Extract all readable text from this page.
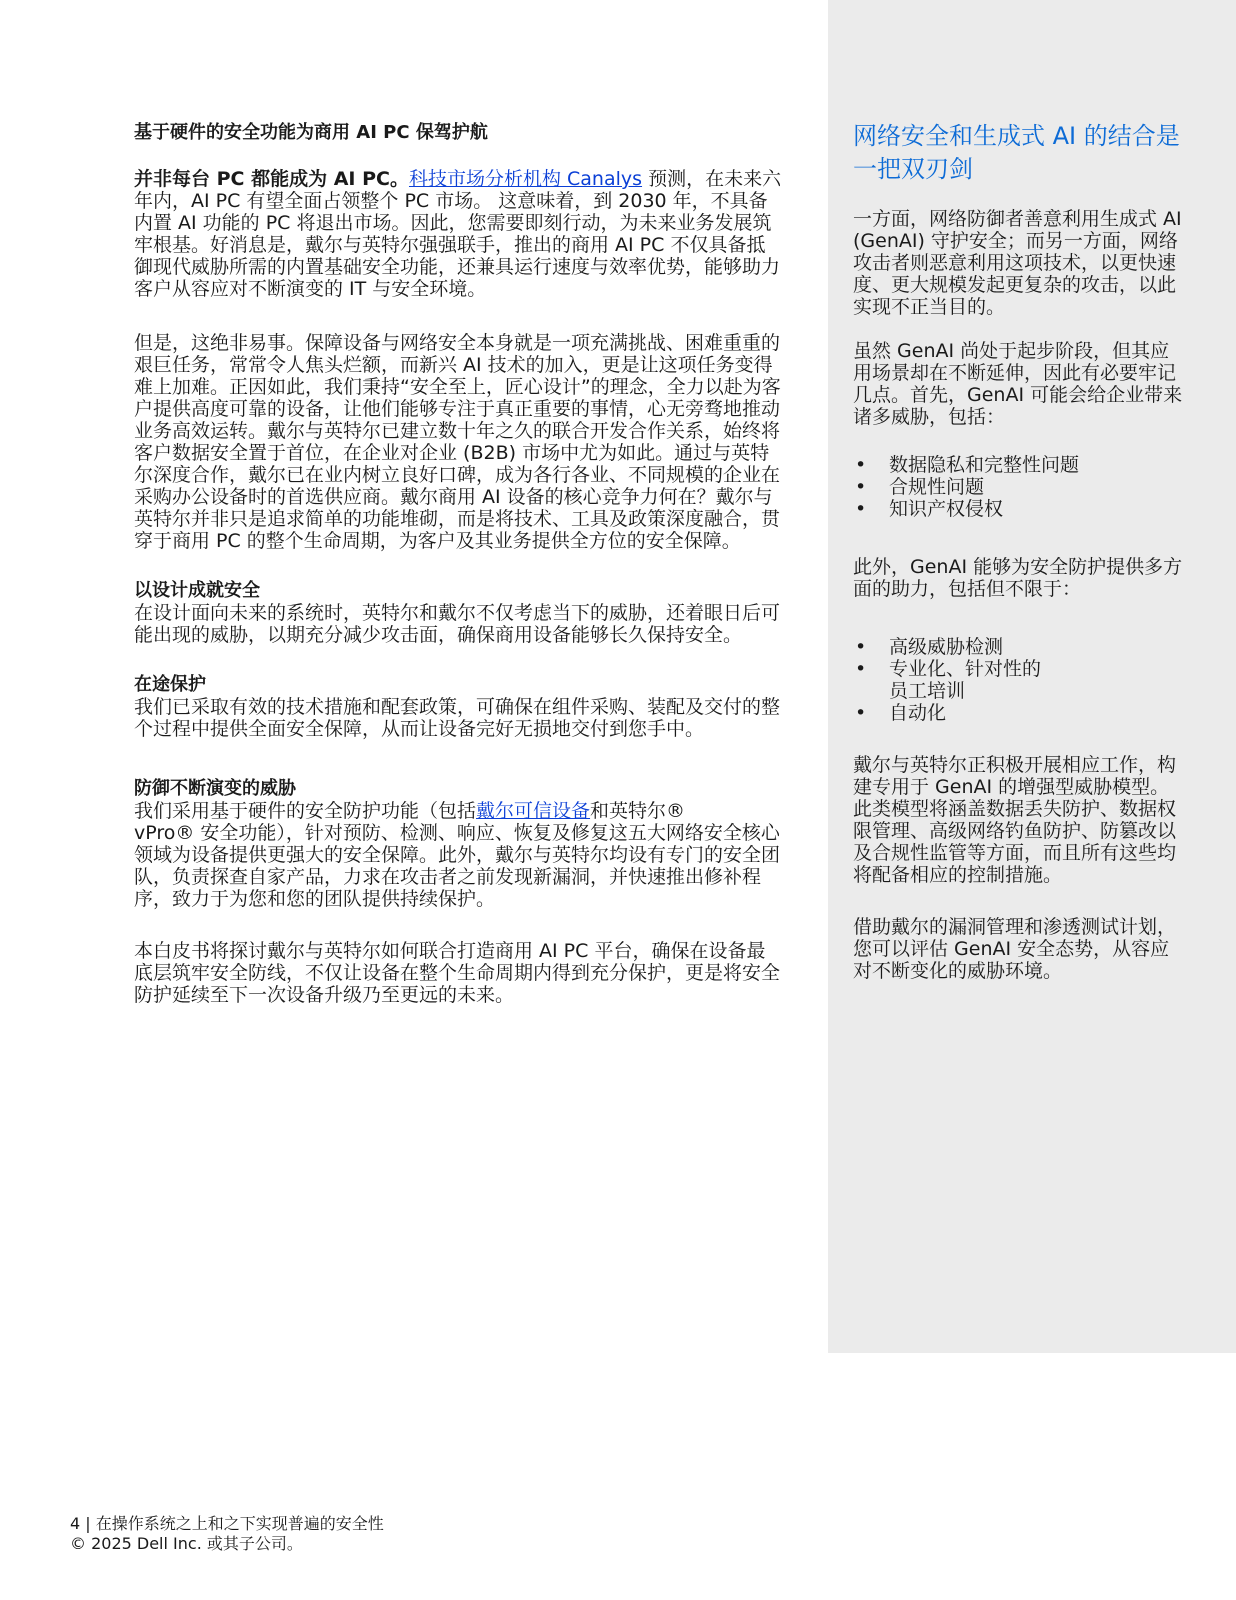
基于硬件的安全功能为商用 AI PC 保驾护航

并非每台 PC 都能成为 AI PC。科技市场分析机构 Canalys 预测，在未来六年内，AI PC 有望全面占领整个 PC 市场。 这意味着，到 2030 年，不具备内置 AI 功能的 PC 将退出市场。因此，您需要即刻行动，为未来业务发展筑牢根基。好消息是，戴尔与英特尔强强联手，推出的商用 AI PC 不仅具备抵御现代威胁所需的内置基础安全功能，还兼具运行速度与效率优势，能够助力客户从容应对不断演变的 IT 与安全环境。

但是，这绝非易事。保障设备与网络安全本身就是一项充满挑战、困难重重的艰巨任务，常常令人焦头烂额，而新兴 AI 技术的加入，更是让这项任务变得难上加难。正因如此，我们秉持“安全至上，匠心设计”的理念，全力以赴为客户提供高度可靠的设备，让他们能够专注于真正重要的事情，心无旁骛地推动业务高效运转。戴尔与英特尔已建立数十年之久的联合开发合作关系，始终将客户数据安全置于首位，在企业对企业 (B2B) 市场中尤为如此。通过与英特尔深度合作，戴尔已在业内树立良好口碑，成为各行各业、不同规模的企业在采购办公设备时的首选供应商。戴尔商用 AI 设备的核心竞争力何在？戴尔与英特尔并非只是追求简单的功能堆砌，而是将技术、工具及政策深度融合，贯穿于商用 PC 的整个生命周期，为客户及其业务提供全方位的安全保障。

以设计成就安全

在设计面向未来的系统时，英特尔和戴尔不仅考虑当下的威胁，还着眼日后可能出现的威胁，以期充分减少攻击面，确保商用设备能够长久保持安全。

在途保护

我们已采取有效的技术措施和配套政策，可确保在组件采购、装配及交付的整个过程中提供全面安全保障，从而让设备完好无损地交付到您手中。

防御不断演变的威胁

我们采用基于硬件的安全防护功能（包括戴尔可信设备和英特尔®
vPro® 安全功能），针对预防、检测、响应、恢复及修复这五大网络安全核心领域为设备提供更强大的安全保障。此外，戴尔与英特尔均设有专门的安全团队，负责探查自家产品，力求在攻击者之前发现新漏洞，并快速推出修补程序，致力于为您和您的团队提供持续保护。

本白皮书将探讨戴尔与英特尔如何联合打造商用 AI PC 平台，确保在设备最底层筑牢安全防线，不仅让设备在整个生命周期内得到充分保护，更是将安全防护延续至下一次设备升级乃至更远的未来。

网络安全和生成式 AI 的结合是一把双刃剑

一方面，网络防御者善意利用生成式 AI (GenAI) 守护安全；而另一方面，网络攻击者则恶意利用这项技术，以更快速度、更大规模发起更复杂的攻击，以此实现不正当目的。

虽然 GenAI 尚处于起步阶段，但其应用场景却在不断延伸，因此有必要牢记几点。首先，GenAI 可能会给企业带来诸多威胁，包括：

• 数据隐私和完整性问题
• 合规性问题
• 知识产权侵权

此外，GenAI 能够为安全防护提供多方面的助力，包括但不限于：

• 高级威胁检测
• 专业化、针对性的员工培训
• 自动化

戴尔与英特尔正积极开展相应工作，构建专用于 GenAI 的增强型威胁模型。此类模型将涵盖数据丢失防护、数据权限管理、高级网络钓鱼防护、防篡改以及合规性监管等方面，而且所有这些均将配备相应的控制措施。

借助戴尔的漏洞管理和渗透测试计划，您可以评估 GenAI 安全态势，从容应对不断变化的威胁环境。

4 | 在操作系统之上和之下实现普遍的安全性
© 2025 Dell Inc. 或其子公司。
